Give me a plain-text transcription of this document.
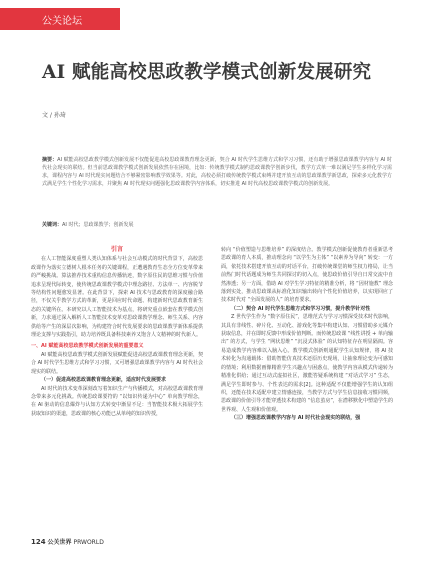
公关论坛
AI 赋能高校思政教学模式创新发展研究
文 / 孙琦
摘要：AI 赋能高校思政教学模式创新发展不仅能促进高校思政课教育理念更新，契合 AI 时代学生思维方式和学习习惯，还有助于增强思政课教学内容与 AI 时代社会现实的联结。但当前思政课教学模式创新发展依然存在困境，比如：传统教学模式制约思政课教学创新步伐，教学方式单一难以满足学生多样化学习需求，课程内容与 AI 时代现实问题结合不够紧密影响教学效果等。对此，高校必须打破传统教学模式束缚并建开放互动的思政课教学新思政，探索多元化教学方式满足学生个性化学习需求，并聚焦 AI 时代现实问题强化思政课教学内容体系，切实推进 AI 时代高校思政课教学模式的创新发展。
关键词：AI 时代；思政课教学；创新发展

引言

在人工智能深度重塑人类认知体系与社会互动模式的时代背景下，高校思政课作为落实立德树人根本任务的关键课程，正遭遇教育生态全方位变革带来的严峻挑战。算法推荐技术重构信息传播轨迹，数字原住民的思维习惯与价值追求呈现代际转变，使传统思政课教学模式中理念路径、方法单一、内容脱节等结构性问题愈发显著。在此背景下，探索 AI 技术与思政教育的深度融合路径，不仅关乎教学方式的革新，更是回应时代命题、构建新时代思政教育新生态的关键所在。本研究以人工智能技术为基点，将研究重点嵌套在教学模式创新，力求通过深入解析人工智能技术变革对思政课教学理念、师生关系、内容供给等产生的深层次影响，为构建符合时代发展要求的思政课教学新体系提供理论支撑与实践指引，助力培养既具备科技素养又饱含人文精神的时代新人。

一、AI 赋能高校思政教学模式创新发展的重要意义

AI 赋能高校思政教学模式创新发展赋能促进高校思政课教育理念更新，契合 AI 时代学生思维方式和学习习惯，又可增强思政课教学内容与 AI 时代社会现实的联结。

（一）促进高校思政课教育理念更新，适应时代发展要求

AI 时代的技术变革深刻改写着知识生产与传播模式，对高校思政课教育理念带来多元化挑战。传统思政课要符的 “以知识传递为中心” 单向教学理念，在 AI 驱动的信息爆炸与认知方式转变中渐显不足：当智能技术极大拓展学生获取知识的渠道，思政课的核心功能已从单纯的知识传授，

转向 “价值塑造与思维培养” 的深度结合。教学模式创新促使教育者重新思考思政课的育人本质，推动理念向 “以学生为主体” “以素养为导向” 转变：一方面，依托技术搭建开放互动的对话平台，打破传统课堂的师生权力格局，让当前热门时代话题成为师生共同探讨的切入点，使思政价值引导自日常交流中自然渗透；另一方面，借助 AI 对学生学习特征的精准分析，将 “因材施教” 理念落到实处，推动思政课从标准化知识输出转向个性化价值培养，以实现回应了技术时代对 “全面发展的人” 的培育要求。

（二）契合 AI 时代学生思维方式和学习习惯，提升教学针对性

Z 世代学生作为 “数字原住民”，思维范式与学习习惯深受技术时代影响，其具有非线性、碎片化、互动化、游戏化等集中构建认知、习惯借助多元媒介获取信息，并在即时反馈中形成价值判断。而传统思政课 “线性讲授 + 单向输出” 的方式，与学生 “网状思维” “沉浸式体验” 的认知特征存在明显隔阂。容易造成教学内容难以入脑入心。教学模式创新则通配学生认知规律，将 AI 技术转化为沟通载体：借助智能仿真技术还原历史现场，让抽象理论变为可感知的情境；利用数据画像精准学生兴趣点与困惑点，使教学内容从模式传递转为精准化供给；通过互动式虚拟社区，激能答疑系统构建 “对话式学习” 生态，满足学生即时参与、个性表达的需求[2]。这种适配不仅能增强学生的认知组织，还能在技术适配中建立情感连接，当教学方式与学生信息接收习惯同频，思政课的价值引导才能穿透技术构建的 “信息茧房”，在潜移默化中塑造学生的世界观、人生观和价值观。

（三）增强思政课教学内容与 AI 时代社会现实的联结，强

124 公关世界 PRWORLD
